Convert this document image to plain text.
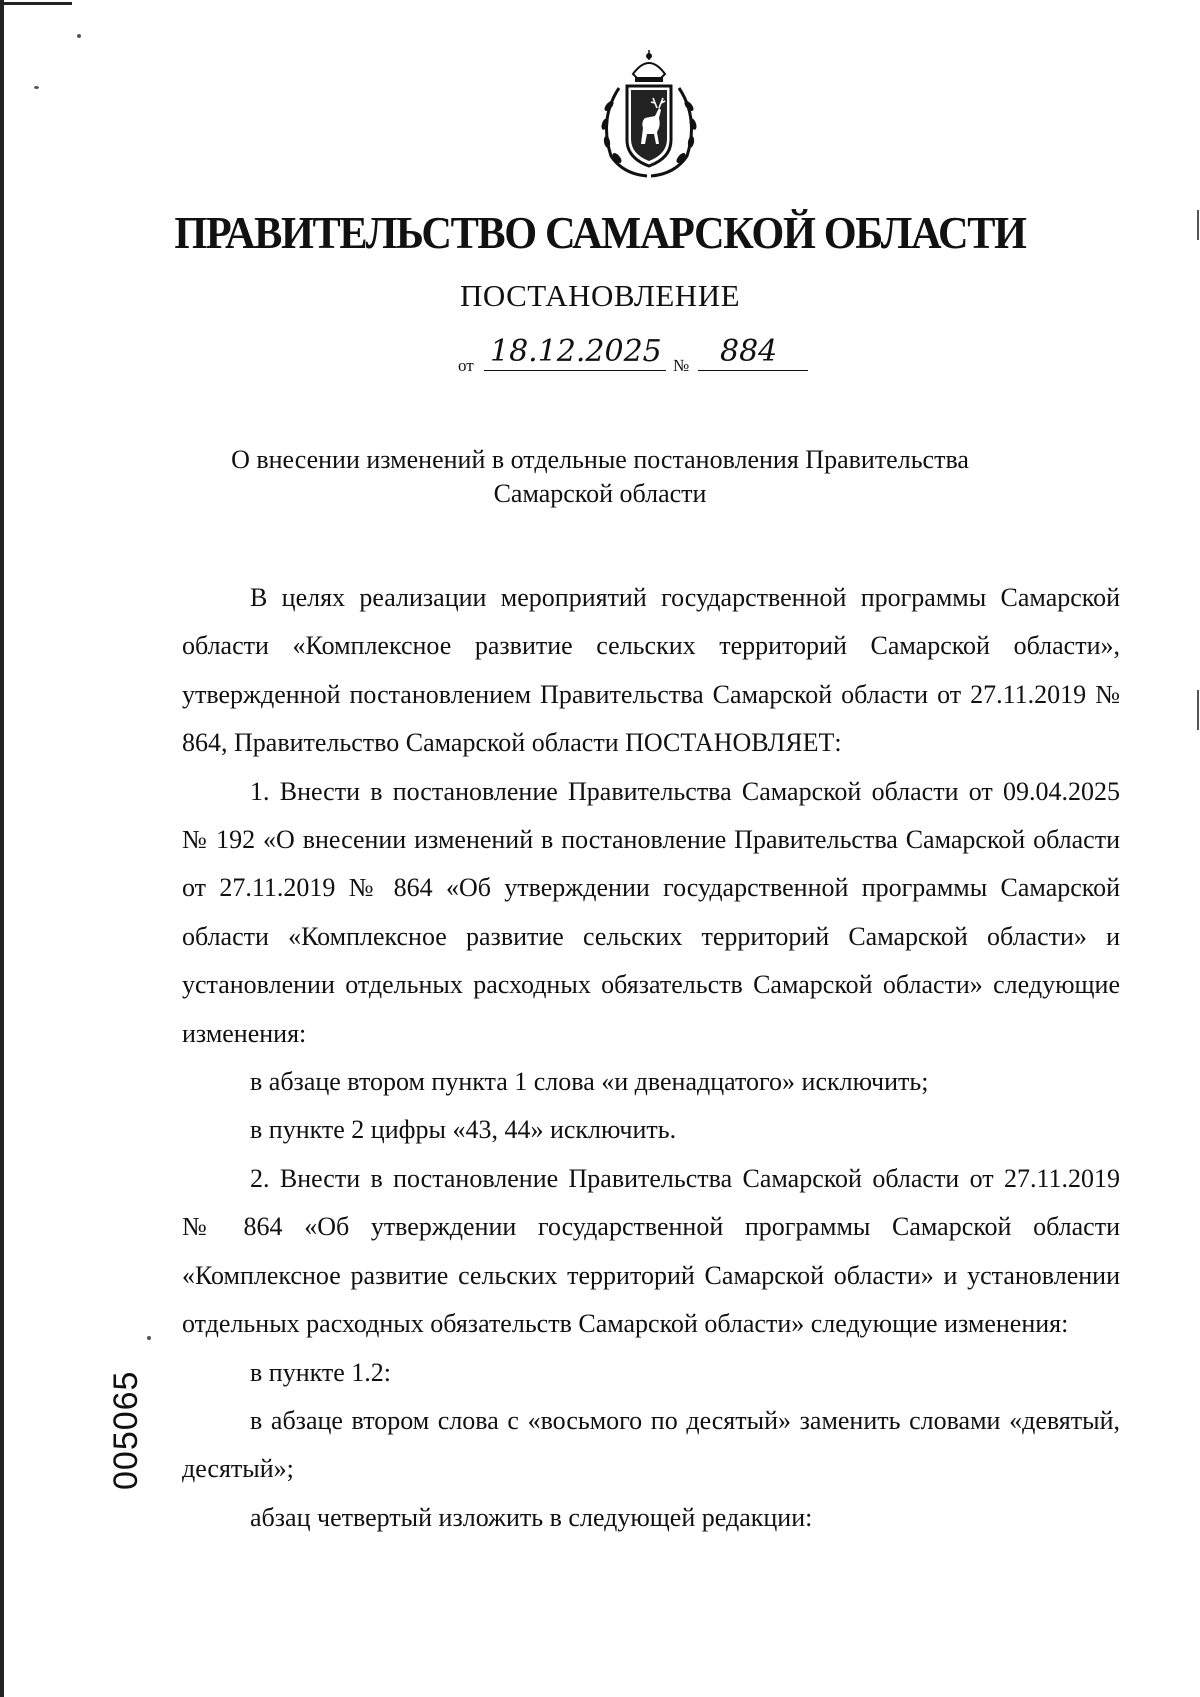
ПРАВИТЕЛЬСТВО САМАРСКОЙ ОБЛАСТИ
ПОСТАНОВЛЕНИЕ
от 18.12.2025 № 884
О внесении изменений в отдельные постановления Правительства
Самарской области

В целях реализации мероприятий государственной программы Самарской области «Комплексное развитие сельских территорий Самарской области», утвержденной постановлением Правительства Самарской области от 27.11.2019 № 864, Правительство Самарской области ПОСТАНОВЛЯЕТ:

1. Внести в постановление Правительства Самарской области от 09.04.2025 № 192 «О внесении изменений в постановление Правительства Самарской области от 27.11.2019 № 864 «Об утверждении государственной программы Самарской области «Комплексное развитие сельских территорий Самарской области» и установлении отдельных расходных обязательств Самарской области» следующие изменения:

в абзаце втором пункта 1 слова «и двенадцатого» исключить;

в пункте 2 цифры «43, 44» исключить.

2. Внести в постановление Правительства Самарской области от 27.11.2019 № 864 «Об утверждении государственной программы Самарской области «Комплексное развитие сельских территорий Самарской области» и установлении отдельных расходных обязательств Самарской области» следующие изменения:

в пункте 1.2:

в абзаце втором слова с «восьмого по десятый» заменить словами «девятый, десятый»;

абзац четвертый изложить в следующей редакции:

005065
